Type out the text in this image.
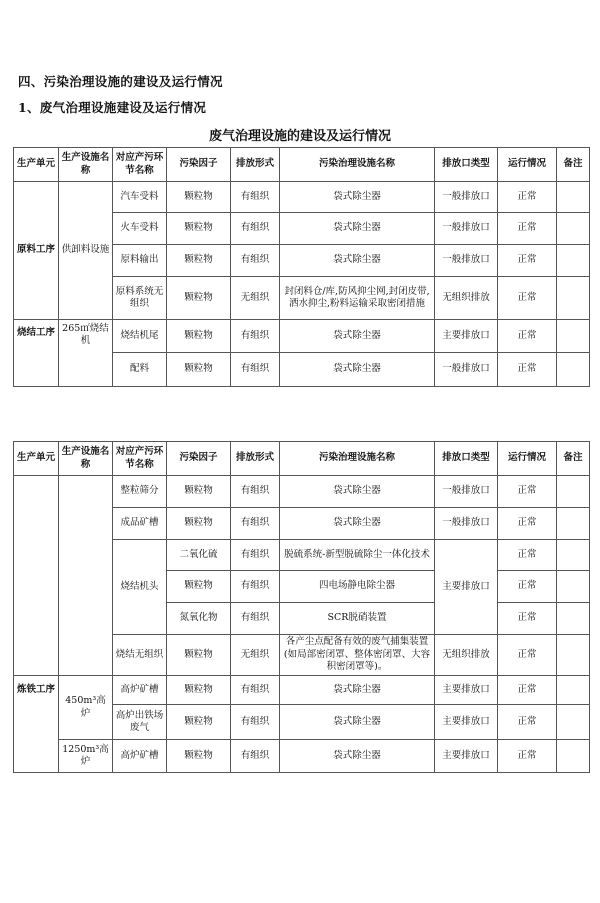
四、污染治理设施的建设及运行情况
1、废气治理设施建设及运行情况
废气治理设施的建设及运行情况
生产单元	生产设施名称	对应产污环节名称	污染因子	排放形式	污染治理设施名称	排放口类型	运行情况	备注
原料工序	供卸料设施	汽车受料	颗粒物	有组织	袋式除尘器	一般排放口	正常	
		火车受料	颗粒物	有组织	袋式除尘器	一般排放口	正常	
		原料输出	颗粒物	有组织	袋式除尘器	一般排放口	正常	
		原料系统无组织	颗粒物	无组织	封闭料仓/库,防风抑尘网,封闭皮带,洒水抑尘,粉料运输采取密闭措施	无组织排放	正常	
烧结工序	265㎡烧结机	烧结机尾	颗粒物	有组织	袋式除尘器	主要排放口	正常	
		配料	颗粒物	有组织	袋式除尘器	一般排放口	正常	
生产单元	生产设施名称	对应产污环节名称	污染因子	排放形式	污染治理设施名称	排放口类型	运行情况	备注
		整粒筛分	颗粒物	有组织	袋式除尘器	一般排放口	正常	
		成品矿槽	颗粒物	有组织	袋式除尘器	一般排放口	正常	
		烧结机头	二氧化硫	有组织	脱硫系统-新型脱硫除尘一体化技术	主要排放口	正常	
			颗粒物	有组织	四电场静电除尘器		正常	
			氮氧化物	有组织	SCR脱硝装置		正常	
		烧结无组织	颗粒物	无组织	各产尘点配备有效的废气捕集装置(如局部密闭罩、整体密闭罩、大容积密闭罩等)。	无组织排放	正常	
炼铁工序	450m³高炉	高炉矿槽	颗粒物	有组织	袋式除尘器	主要排放口	正常	
		高炉出铁场废气	颗粒物	有组织	袋式除尘器	主要排放口	正常	
	1250m³高炉	高炉矿槽	颗粒物	有组织	袋式除尘器	主要排放口	正常	
